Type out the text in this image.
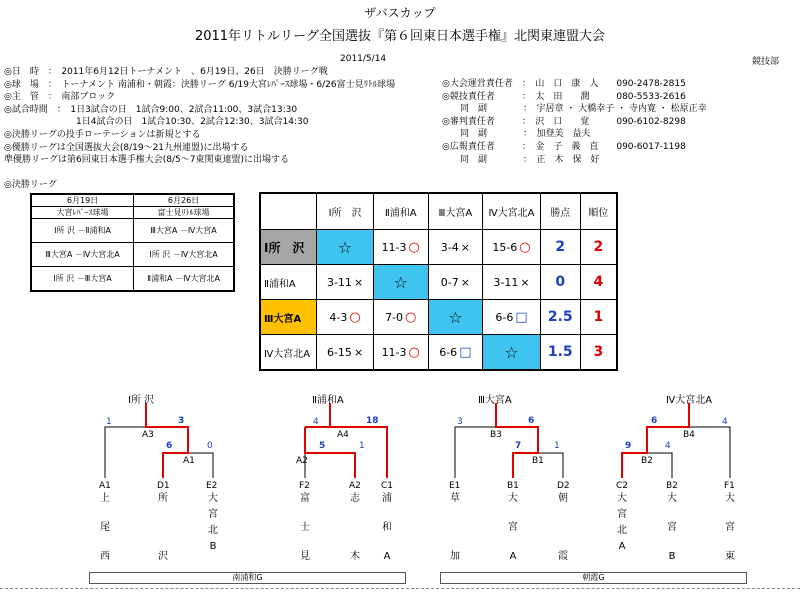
ザバスカップ
2011年リトルリーグ全国選抜『第６回東日本選手権』北関東連盟大会
2011/5/14	競技部
◎日　時　：　2011年6月12日トーナメント　、6月19日、26日　決勝リーグ戦
◎球　場　：　トーナメント 南浦和・朝霞：決勝リーグ 6/19大宮ﾚﾊﾟｰｽ球場・6/26富士見ﾘﾄﾙ球場
◎主　管　：　南部ブロック
◎試合時間　：　1日3試合の日　1試合9:00、2試合11:00、3試合13:30
　　　　　　　　1日4試合の日　1試合10:30、2試合12:30、3試合14:30
◎決勝リーグの投手ローテーションは新規とする
◎優勝リーグは全国選抜大会(8/19～21九州連盟)に出場する
準優勝リーグは第6回東日本選手権大会(8/5～7東関東連盟)に出場する
◎決勝リーグ
◎大会運営責任者　：　山　口　康　人　　090-2478-2815
◎競技責任者　　　：　太　田　　潤　　　080-5533-2616
　　同　副　　　　：　宇居章 ・ 大橋幸子 ・ 寺内寛 ・ 松原正幸
◎審判責任者　　　：　沢　口　　覚　　　090-6102-8298
　　同　副　　　　：　加登美　益夫
◎広報責任者　　　：　金　子　義　直　　090-6017-1198
　　同　副　　　　：　正　木　保　好
6月19日	6月26日
大宮ﾚﾊﾟｰｽ球場	富士見ﾘﾄﾙ球場
Ⅰ所 沢 －Ⅱ浦和A	Ⅲ大宮A －Ⅳ大宮A
Ⅲ大宮A －Ⅳ大宮北A	Ⅰ所 沢 －Ⅳ大宮北A
Ⅰ所 沢 －Ⅲ大宮A	Ⅱ浦和A －Ⅳ大宮北A
	Ⅰ所　沢	Ⅱ浦和A	Ⅲ大宮A	Ⅳ大宮北A	勝点	順位
Ⅰ所　沢	☆	11-3 ○	3-4 ×	15-6 ○	2	2
Ⅱ浦和A	3-11 ×	☆	0-7 ×	3-11 ×	0	4
Ⅲ大宮A	4-3 ○	7-0 ○	☆	6-6 □	2.5	1
Ⅳ大宮北A	6-15 ×	11-3 ○	6-6 □	☆	1.5	3
Ⅰ所 沢
1	3
6	0
A3
A1
A1	D1	E2
上
尾
西
所
沢
大
宮
北
B
Ⅱ浦和A
4	18
5	1
A4
A2
F2	A2 C1
富
士
見
志
木
浦
和
A
Ⅲ大宮A
3	6
7	1
B3
B1
E1	B1	D2
草
加
大
宮
A
朝
霞
Ⅳ大宮北A
6	4
9	4
B4
B2
C2	B2	F1
大
宮
北
A
大
宮
B
大
宮
東
南浦和G	朝霞G
